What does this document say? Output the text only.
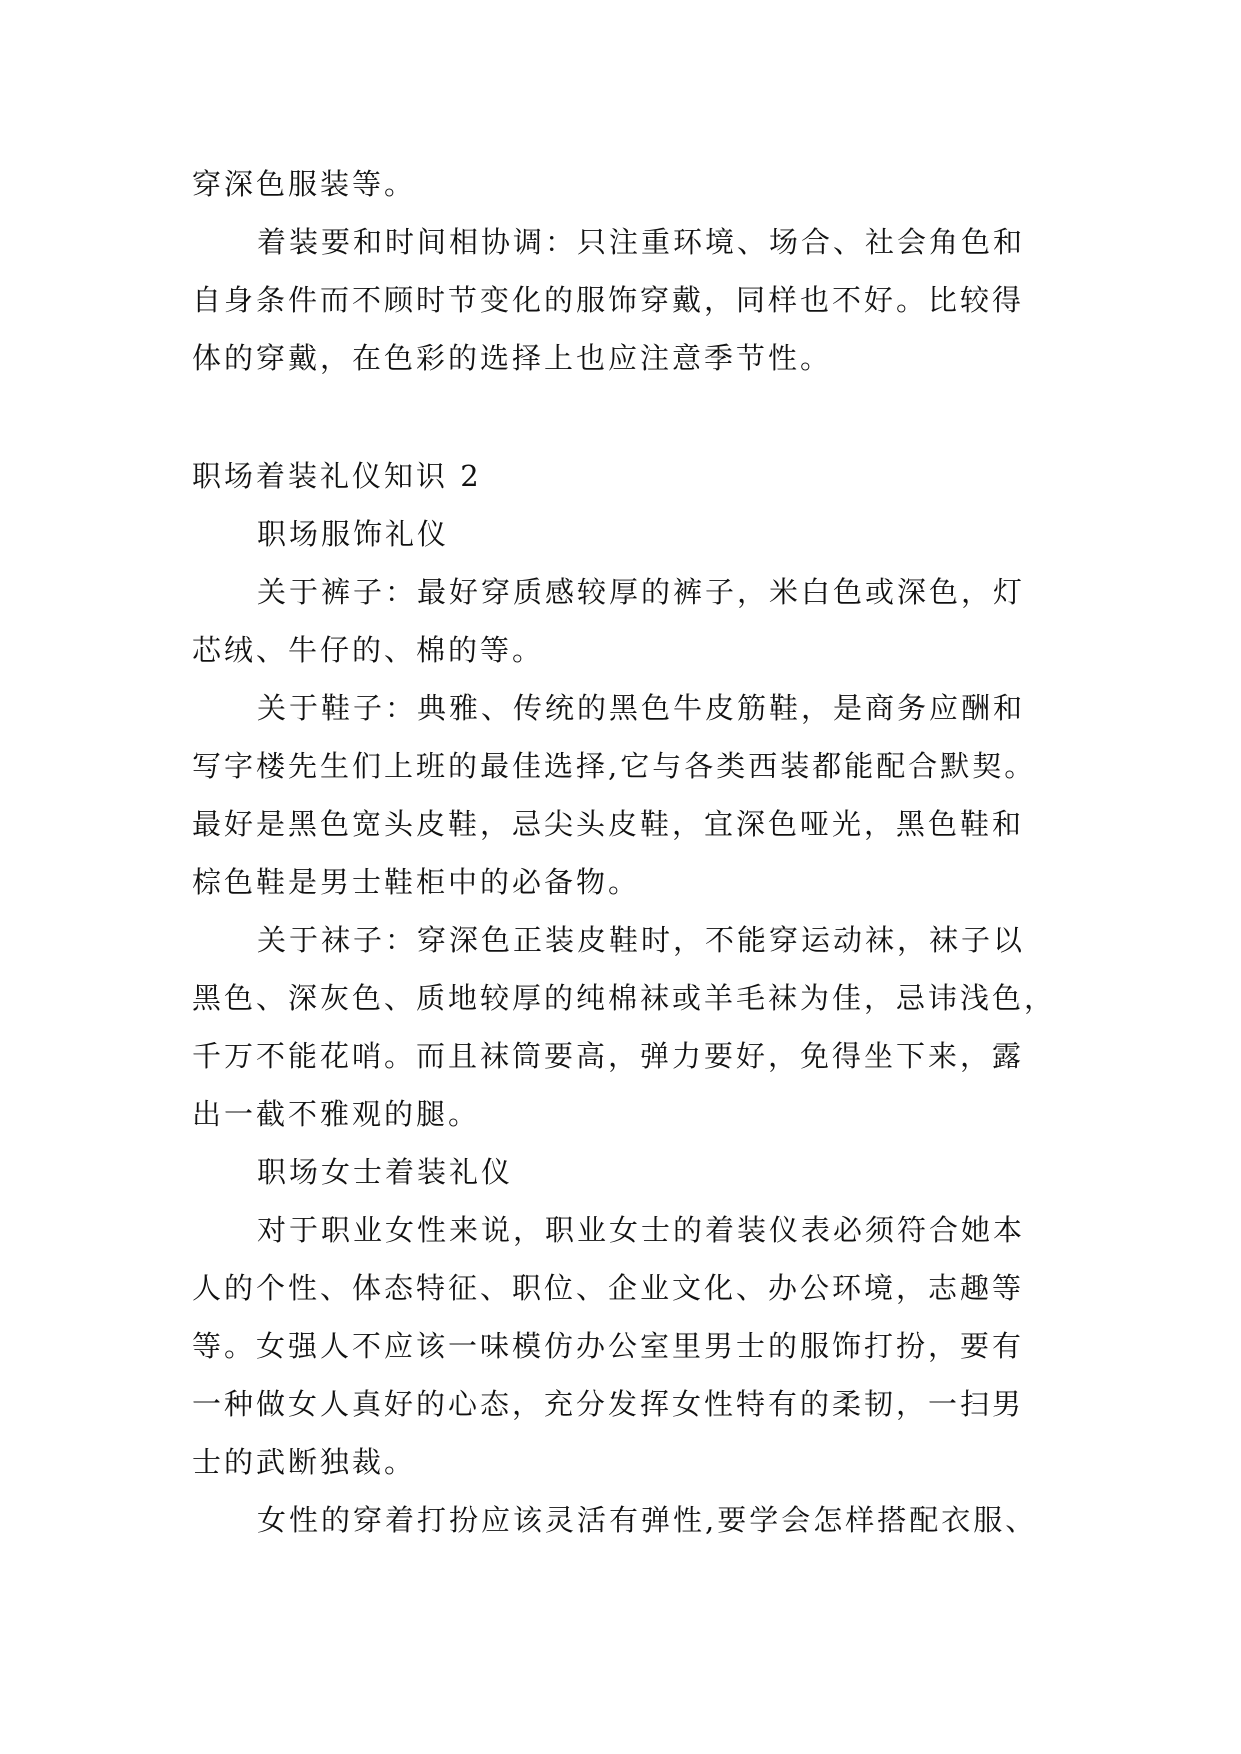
穿深色服装等。
着装要和时间相协调：只注重环境、场合、社会角色和
自身条件而不顾时节变化的服饰穿戴，同样也不好。比较得
体的穿戴，在色彩的选择上也应注意季节性。
职场着装礼仪知识 2
职场服饰礼仪
关于裤子：最好穿质感较厚的裤子，米白色或深色，灯
芯绒、牛仔的、棉的等。
关于鞋子：典雅、传统的黑色牛皮筋鞋，是商务应酬和
写字楼先生们上班的最佳选择,它与各类西装都能配合默契。
最好是黑色宽头皮鞋，忌尖头皮鞋，宜深色哑光，黑色鞋和
棕色鞋是男士鞋柜中的必备物。
关于袜子：穿深色正装皮鞋时，不能穿运动袜，袜子以
黑色、深灰色、质地较厚的纯棉袜或羊毛袜为佳，忌讳浅色，
千万不能花哨。而且袜筒要高，弹力要好，免得坐下来，露
出一截不雅观的腿。
职场女士着装礼仪
对于职业女性来说，职业女士的着装仪表必须符合她本
人的个性、体态特征、职位、企业文化、办公环境，志趣等
等。女强人不应该一味模仿办公室里男士的服饰打扮，要有
一种做女人真好的心态，充分发挥女性特有的柔韧，一扫男
士的武断独裁。
女性的穿着打扮应该灵活有弹性,要学会怎样搭配衣服、
